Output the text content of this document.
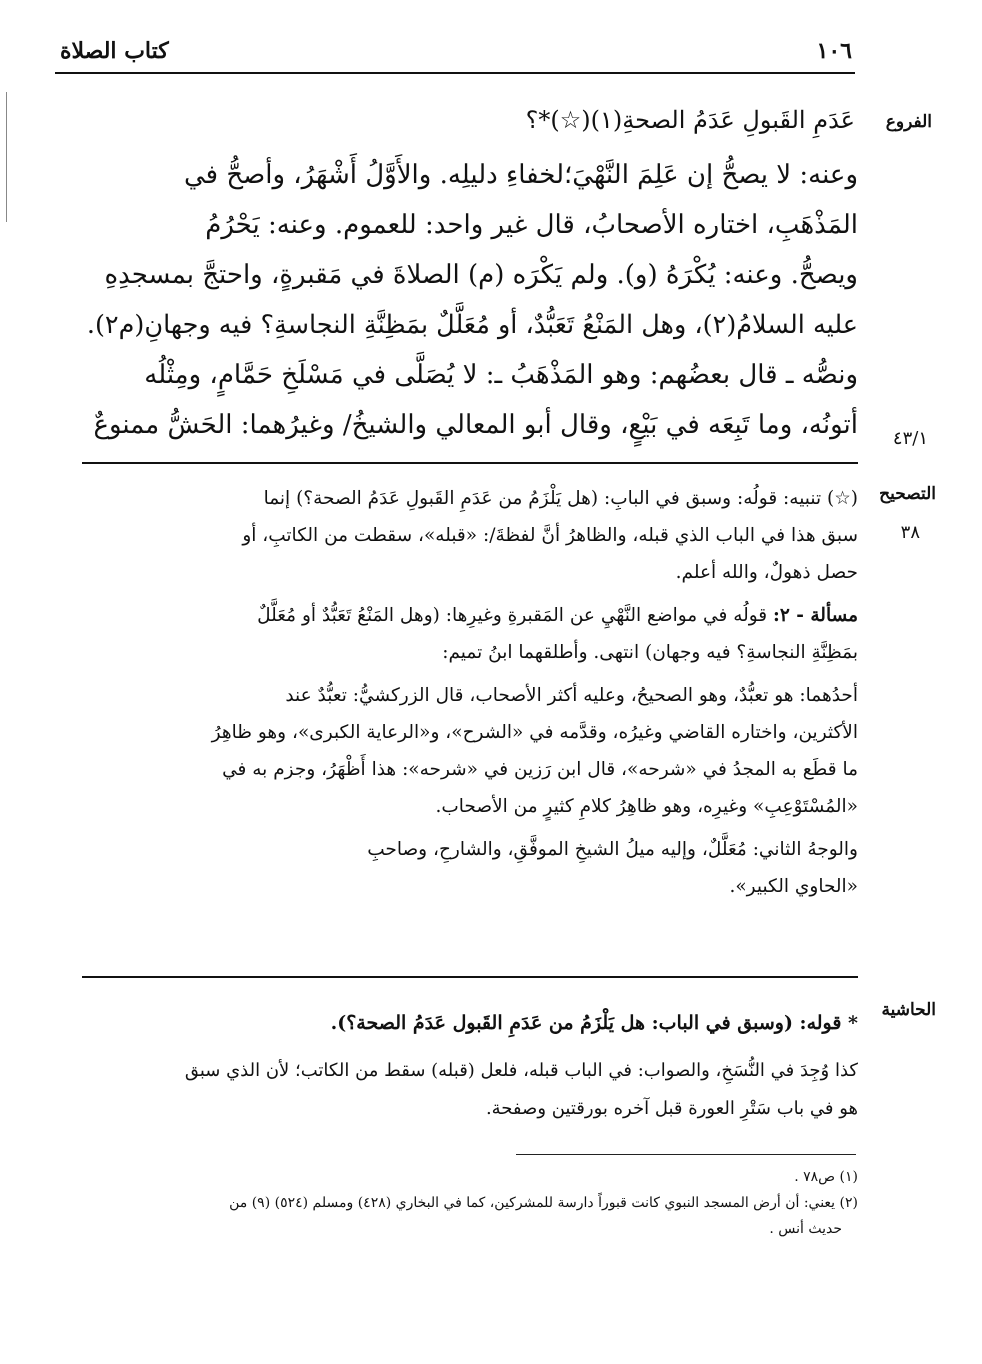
١٠٦
كتاب الصلاة
الفروع
٤٣/١
عَدَمِ القَبولِ عَدَمُ الصحةِ(١)(☆)*؟
وعنه: لا يصحُّ إن عَلِمَ النَّهْيَ؛لخفاءِ دليلِه. والأَوَّلُ أَشْهَرُ، وأصحُّ في
المَذْهَبِ، اختاره الأصحابُ، قال غير واحد: للعموم. وعنه: يَحْرُمُ
ويصحُّ. وعنه: يُكْرَهُ (و). ولم يَكْرَه (م) الصلاةَ في مَقبرةٍ، واحتجَّ بمسجدِهِ
عليه السلامُ(٢)، وهل المَنْعُ تَعَبُّدٌ، أو مُعَلَّلٌ بمَظِنَّةِ النجاسةِ؟ فيه وجهانِ(م٢).
ونصُّه ـ قال بعضُهم: وهو المَذْهَبُ ـ: لا يُصَلَّى في مَسْلَخِ حَمَّامٍ، ومِثْلُه
أتونُه، وما تَبِعَه في بَيْعٍ، وقال أبو المعالي والشيخُ/ وغيرُهما: الحَشُّ ممنوعٌ
التصحيح
٣٨
(☆) تنبيه: قولُه: وسبق في البابِ: (هل يَلْزَمُ من عَدَمِ القَبولِ عَدَمُ الصحة؟) إنما
سبق هذا في الباب الذي قبله، والظاهرُ أنَّ لفظةَ/: «قبله»، سقطت من الكاتبِ، أو
حصل ذهولٌ، والله أعلم.
مسألة - ٢: قولُه في مواضع النَّهْيِ عن المَقبرةِ وغيرِها: (وهل المَنْعُ تَعَبُّدٌ أو مُعَلَّلٌ
بمَظِنَّةِ النجاسةِ؟ فيه وجهان) انتهى. وأطلقهما ابنُ تميم:
أحدُهما: هو تعبُّدٌ، وهو الصحيحُ، وعليه أكثر الأصحاب، قال الزركشيُّ: تعبُّدٌ عند
الأكثرين، واختاره القاضي وغيرُه، وقدَّمه في «الشرح»، و«الرعاية الكبرى»، وهو ظاهِرُ
ما قطَع به المجدُ في «شرحه»، قال ابن رَزين في «شرحه»: هذا أَظْهَرُ، وجزم به في
«المُسْتَوْعِبِ» وغيرِه، وهو ظاهِرُ كلامِ كثيرٍ من الأصحاب.
والوجهُ الثاني: مُعَلَّلٌ، وإليه ميلُ الشيخِ الموفَّقِ، والشارحِ، وصاحبِ
«الحاوي الكبير».
الحاشية
* قوله: (وسبق في الباب: هل يَلْزَمُ من عَدَمِ القَبول عَدَمُ الصحة؟).
كذا وُجِدَ في النُّسَخِ، والصواب: في الباب قبله، فلعل (قبله) سقط من الكاتب؛ لأن الذي سبق
هو في باب سَتْرِ العورة قبل آخره بورقتين وصفحة.
(١) ص٧٨ .
(٢) يعني: أن أرض المسجد النبوي كانت قبوراً دارسة للمشركين، كما في البخاري (٤٢٨) ومسلم (٥٢٤) (٩) من
حديث أنس .
